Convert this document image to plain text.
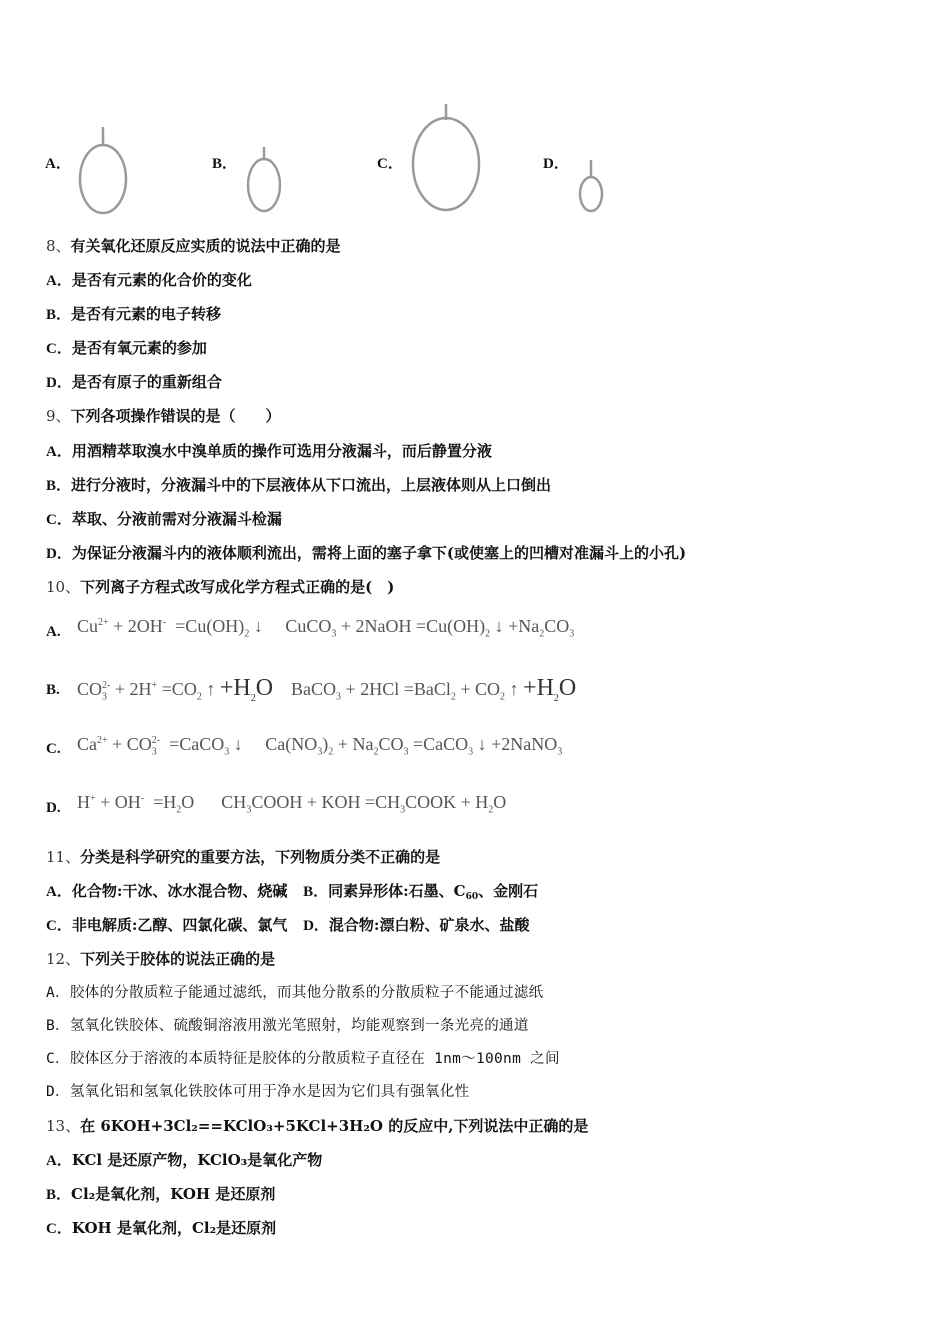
A．	B．	C．	D．
8、有关氧化还原反应实质的说法中正确的是
A．是否有元素的化合价的变化
B．是否有元素的电子转移
C．是否有氧元素的参加
D．是否有原子的重新组合
9、下列各项操作错误的是（　　）
A．用酒精萃取溴水中溴单质的操作可选用分液漏斗，而后静置分液
B．进行分液时，分液漏斗中的下层液体从下口流出，上层液体则从上口倒出
C．萃取、分液前需对分液漏斗检漏
D．为保证分液漏斗内的液体顺利流出，需将上面的塞子拿下(或使塞上的凹槽对准漏斗上的小孔)
10、下列离子方程式改写成化学方程式正确的是(　)
A. $Cu^{2+} + 2OH^- =Cu(OH)_2$ ↓     CuCO$_3$ + 2NaOH $=Cu(OH)_2$ ↓ $+Na_2CO_3$
B. $CO_3^{2-} + 2H^+ =CO_2$ ↑ $+H_2O$    BaCO$_3$ + 2HCl =BaCl$_2$ + $CO_2$ ↑ $+H_2O$
C. $Ca^{2+} + CO_3^{2-}$  =CaCO$_3$ ↓     $Ca(NO_3)_2 + Na_2CO_3$ =CaCO$_3$ ↓ +2NaNO$_3$
D. $H^+ + OH^- =H_2O$      $CH_3COOH$ + KOH $=CH_3COOK + H_2O$
11、分类是科学研究的重要方法，下列物质分类不正确的是
A．化合物:干冰、冰水混合物、烧碱 B．同素异形体:石墨、$C_{60}$、金刚石
C．非电解质:乙醇、四氯化碳、氯气 D．混合物:漂白粉、矿泉水、盐酸
12、下列关于胶体的说法正确的是
A．胶体的分散质粒子能通过滤纸，而其他分散系的分散质粒子不能通过滤纸
B．氢氧化铁胶体、硫酸铜溶液用激光笔照射，均能观察到一条光亮的通道
C．胶体区分于溶液的本质特征是胶体的分散质粒子直径在 1nm～100nm 之间
D．氢氧化铝和氢氧化铁胶体可用于净水是因为它们具有强氧化性
13、在 6KOH+3Cl₂==KClO₃+5KCl+3H₂O 的反应中,下列说法中正确的是
A．KCl 是还原产物，KClO₃是氧化产物
B．Cl₂是氧化剂，KOH 是还原剂
C．KOH 是氧化剂，Cl₂是还原剂
